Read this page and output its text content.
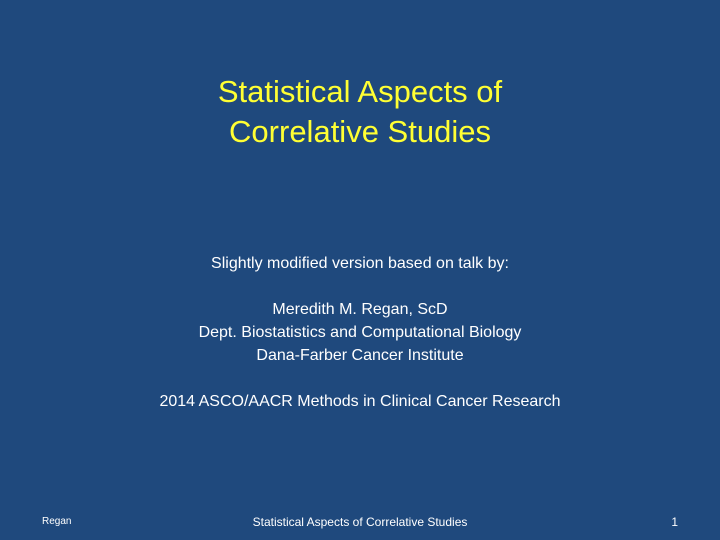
Statistical Aspects of
Correlative Studies
Slightly modified version based on talk by:
Meredith M. Regan, ScD
Dept. Biostatistics and Computational Biology
Dana-Farber Cancer Institute
2014 ASCO/AACR Methods in Clinical Cancer Research
Regan	Statistical Aspects of Correlative Studies	1
